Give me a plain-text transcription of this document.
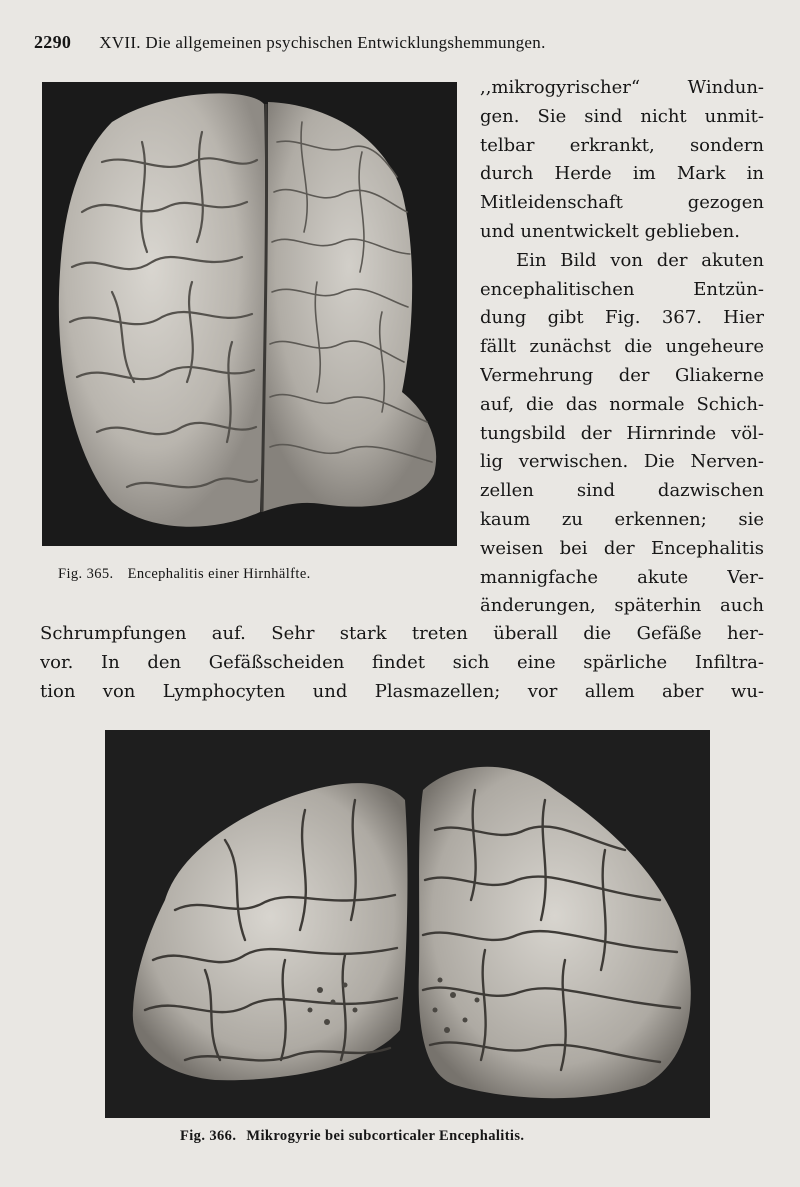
2290 XVII. Die allgemeinen psychischen Entwicklungshemmungen.
Fig. 365. Encephalitis einer Hirnhälfte.
,,mikrogyrischer“ Windun-
gen. Sie sind nicht unmit-
telbar erkrankt, sondern
durch Herde im Mark in
Mitleidenschaft gezogen
und unentwickelt geblieben.
Ein Bild von der akuten
encephalitischen Entzün-
dung gibt Fig. 367. Hier
fällt zunächst die ungeheure
Vermehrung der Gliakerne
auf, die das normale Schich-
tungsbild der Hirnrinde völ-
lig verwischen. Die Nerven-
zellen sind dazwischen
kaum zu erkennen; sie
weisen bei der Encephalitis
mannigfache akute Ver-
änderungen, späterhin auch
Schrumpfungen auf. Sehr stark treten überall die Gefäße her-
vor. In den Gefäßscheiden findet sich eine spärliche Infiltra-
tion von Lymphocyten und Plasmazellen; vor allem aber wu-
Fig. 366. Mikrogyrie bei subcorticaler Encephalitis.
